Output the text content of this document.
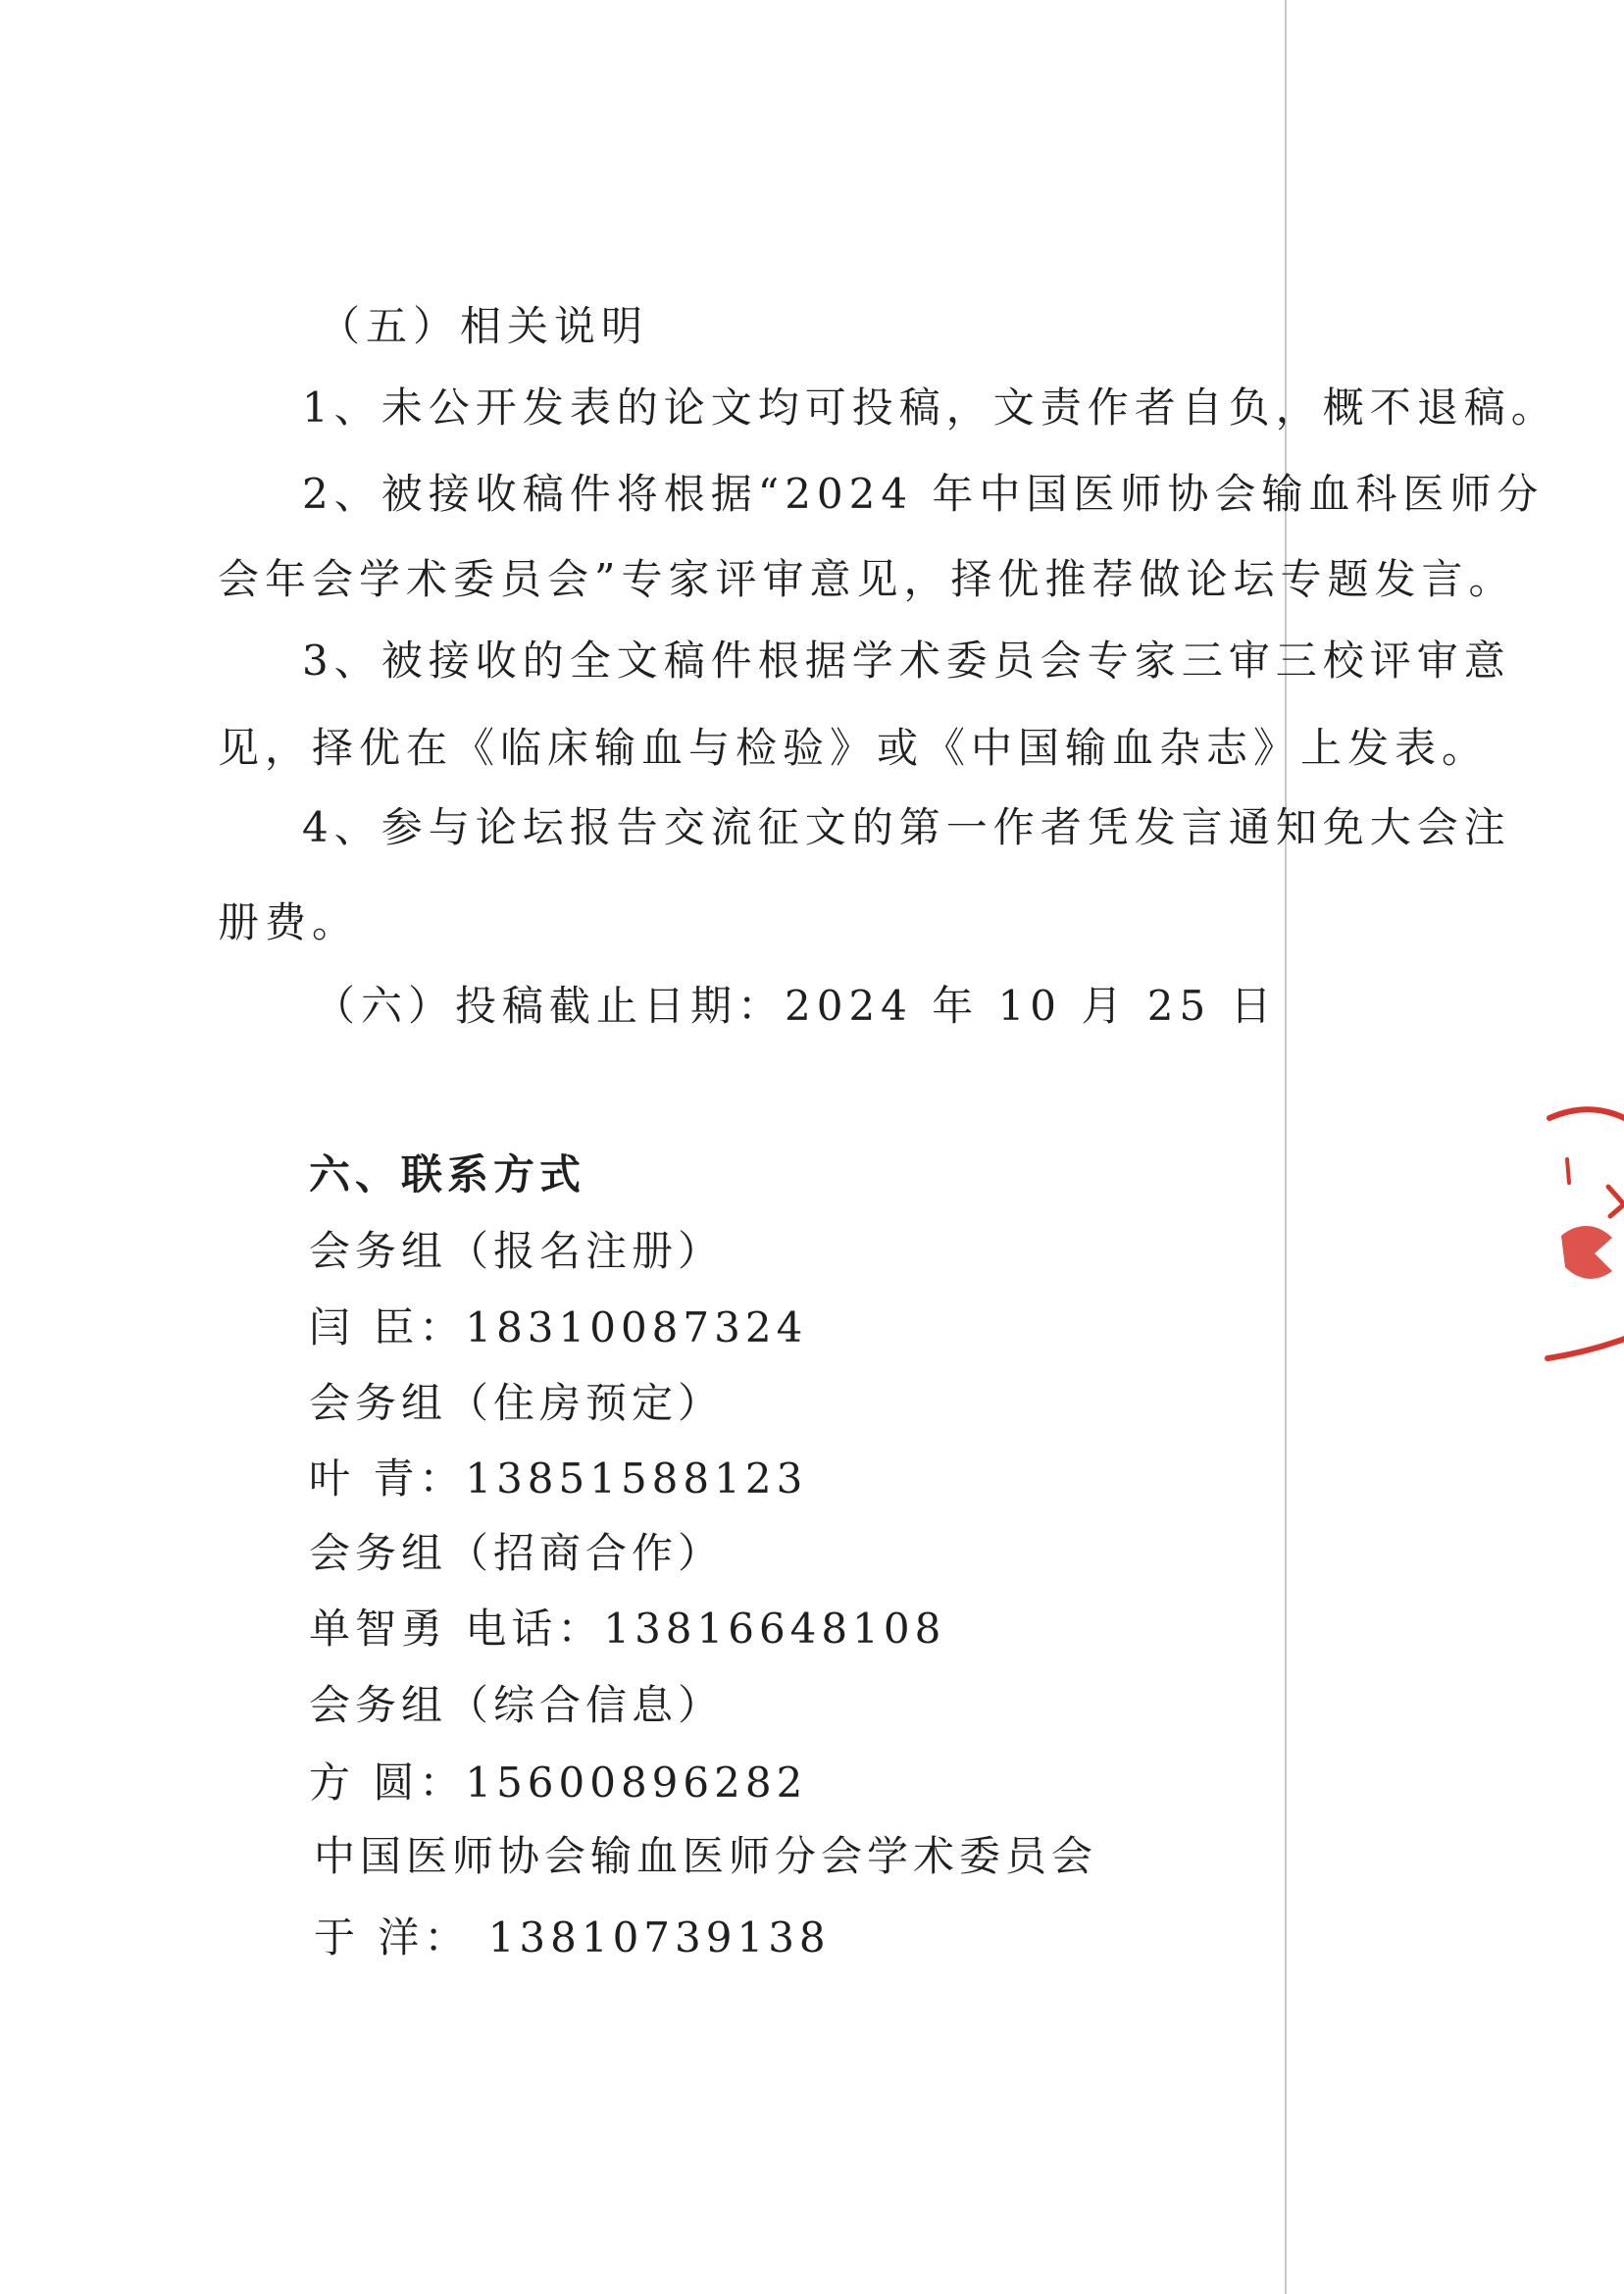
（五）相关说明
1、未公开发表的论文均可投稿，文责作者自负，概不退稿。
2、被接收稿件将根据“2024 年中国医师协会输血科医师分
会年会学术委员会”专家评审意见，择优推荐做论坛专题发言。
3、被接收的全文稿件根据学术委员会专家三审三校评审意
见，择优在《临床输血与检验》或《中国输血杂志》上发表。
4、参与论坛报告交流征文的第一作者凭发言通知免大会注
册费。
（六）投稿截止日期：2024 年 10 月 25 日
六、联系方式
会务组（报名注册）
闫 臣：18310087324
会务组（住房预定）
叶 青：13851588123
会务组（招商合作）
单智勇 电话：13816648108
会务组（综合信息）
方 圆：15600896282
中国医师协会输血医师分会学术委员会
于 洋： 13810739138
